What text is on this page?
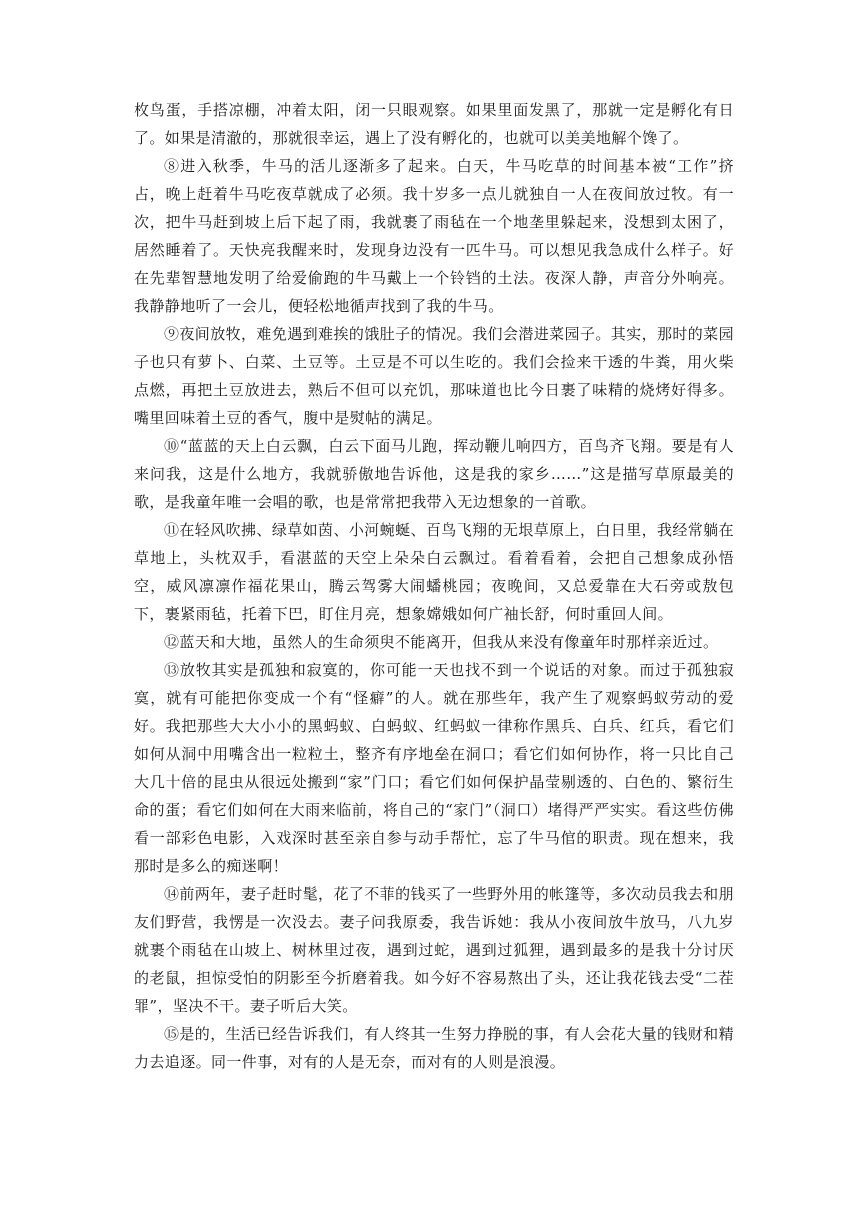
枚鸟蛋，手搭凉棚，冲着太阳，闭一只眼观察。如果里面发黑了，那就一定是孵化有日了。如果是清澈的，那就很幸运，遇上了没有孵化的，也就可以美美地解个馋了。

⑧进入秋季，牛马的活儿逐渐多了起来。白天，牛马吃草的时间基本被“工作”挤占，晚上赶着牛马吃夜草就成了必须。我十岁多一点儿就独自一人在夜间放过牧。有一次，把牛马赶到坡上后下起了雨，我就裹了雨毡在一个地垄里躲起来，没想到太困了，居然睡着了。天快亮我醒来时，发现身边没有一匹牛马。可以想见我急成什么样子。好在先辈智慧地发明了给爱偷跑的牛马戴上一个铃铛的土法。夜深人静，声音分外响亮。我静静地听了一会儿，便轻松地循声找到了我的牛马。

⑨夜间放牧，难免遇到难挨的饿肚子的情况。我们会潜进菜园子。其实，那时的菜园子也只有萝卜、白菜、土豆等。土豆是不可以生吃的。我们会捡来干透的牛粪，用火柴点燃，再把土豆放进去，熟后不但可以充饥，那味道也比今日裹了味精的烧烤好得多。嘴里回味着土豆的香气，腹中是熨帖的满足。

⑩“蓝蓝的天上白云飘，白云下面马儿跑，挥动鞭儿响四方，百鸟齐飞翔。要是有人来问我，这是什么地方，我就骄傲地告诉他，这是我的家乡……”这是描写草原最美的歌，是我童年唯一会唱的歌，也是常常把我带入无边想象的一首歌。

⑪在轻风吹拂、绿草如茵、小河蜿蜒、百鸟飞翔的无垠草原上，白日里，我经常躺在草地上，头枕双手，看湛蓝的天空上朵朵白云飘过。看着看着，会把自己想象成孙悟空，威风凛凛作福花果山，腾云驾雾大闹蟠桃园；夜晚间，又总爱靠在大石旁或敖包下，裹紧雨毡，托着下巴，盯住月亮，想象嫦娥如何广袖长舒，何时重回人间。

⑫蓝天和大地，虽然人的生命须臾不能离开，但我从来没有像童年时那样亲近过。

⑬放牧其实是孤独和寂寞的，你可能一天也找不到一个说话的对象。而过于孤独寂寞，就有可能把你变成一个有“怪癖”的人。就在那些年，我产生了观察蚂蚁劳动的爱好。我把那些大大小小的黑蚂蚁、白蚂蚁、红蚂蚁一律称作黑兵、白兵、红兵，看它们如何从洞中用嘴含出一粒粒土，整齐有序地垒在洞口；看它们如何协作，将一只比自己大几十倍的昆虫从很远处搬到“家”门口；看它们如何保护晶莹剔透的、白色的、繁衍生命的蛋；看它们如何在大雨来临前，将自己的“家门”（洞口）堵得严严实实。看这些仿佛看一部彩色电影，入戏深时甚至亲自参与动手帮忙，忘了牛马倌的职责。现在想来，我那时是多么的痴迷啊！

⑭前两年，妻子赶时髦，花了不菲的钱买了一些野外用的帐篷等，多次动员我去和朋友们野营，我愣是一次没去。妻子问我原委，我告诉她：我从小夜间放牛放马，八九岁就裹个雨毡在山坡上、树林里过夜，遇到过蛇，遇到过狐狸，遇到最多的是我十分讨厌的老鼠，担惊受怕的阴影至今折磨着我。如今好不容易熬出了头，还让我花钱去受“二茬罪”，坚决不干。妻子听后大笑。

⑮是的，生活已经告诉我们，有人终其一生努力挣脱的事，有人会花大量的钱财和精力去追逐。同一件事，对有的人是无奈，而对有的人则是浪漫。
